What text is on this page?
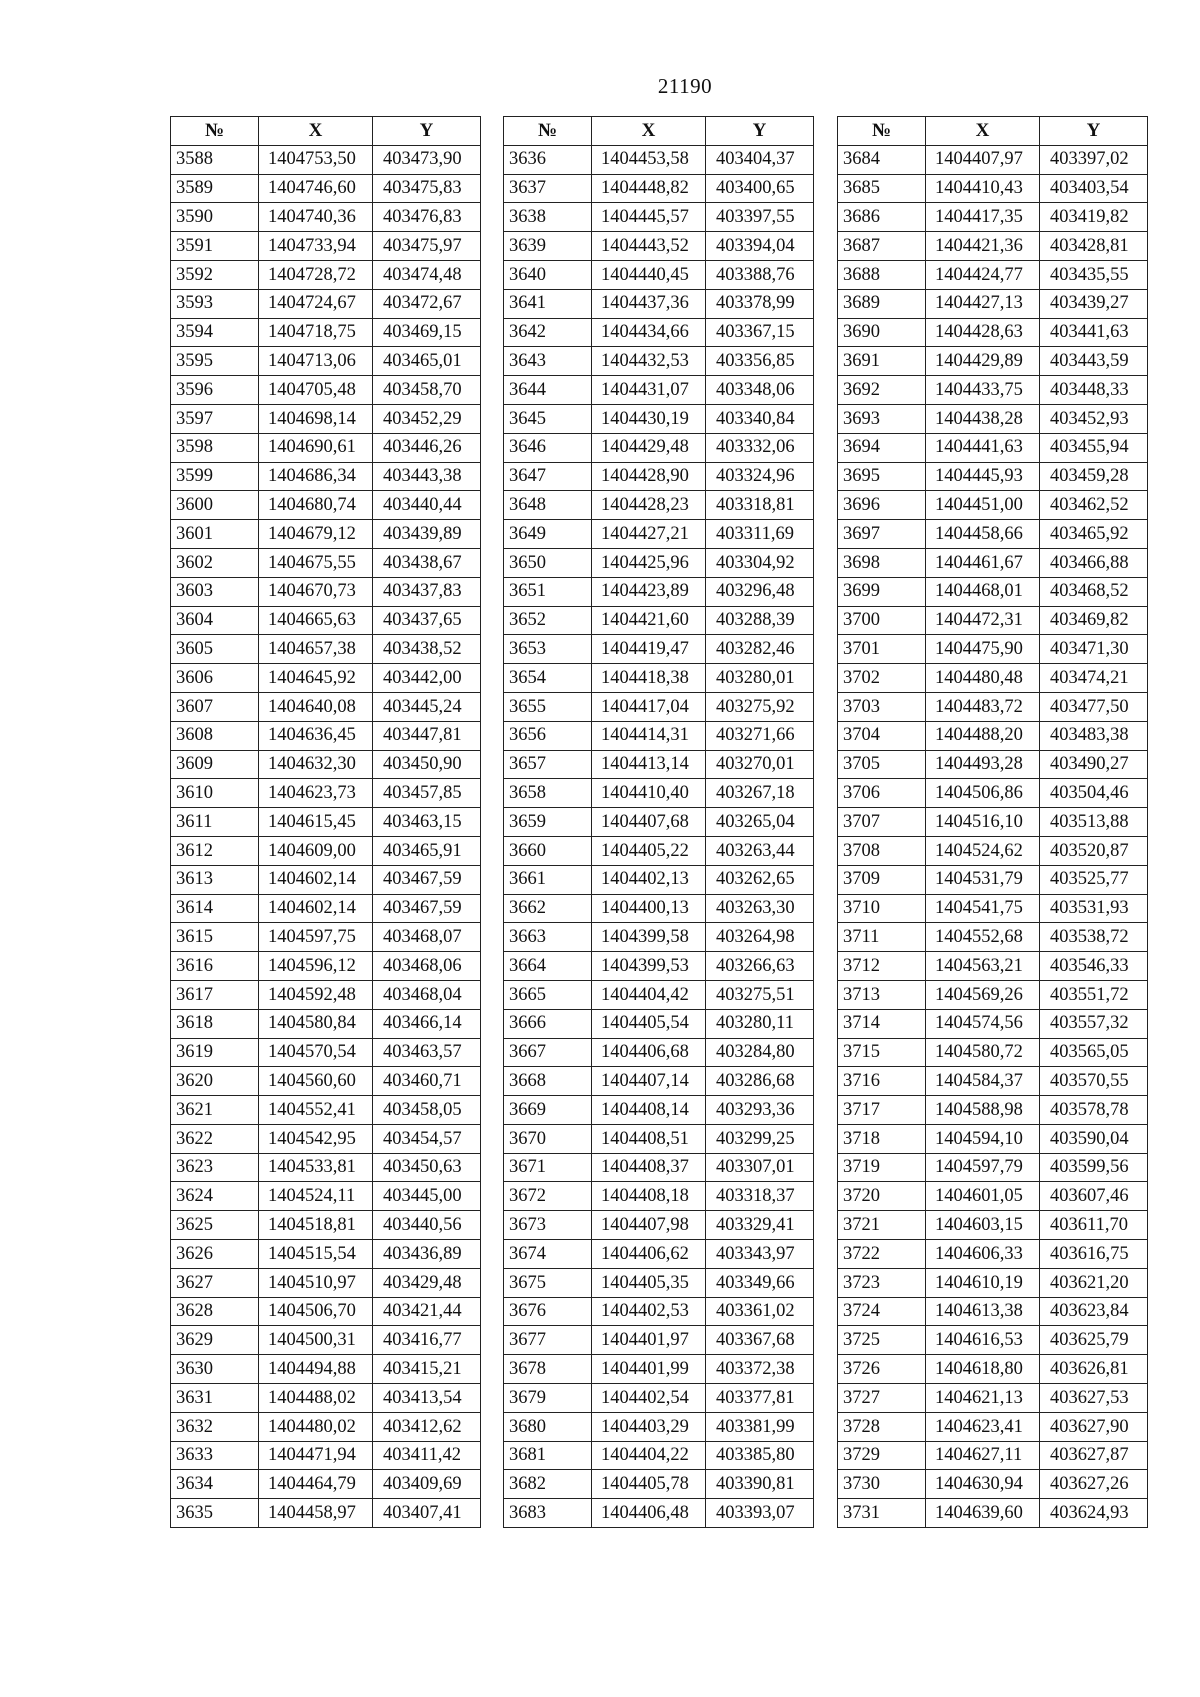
21190
№	X	Y
3588	1404753,50	403473,90
3589	1404746,60	403475,83
3590	1404740,36	403476,83
3591	1404733,94	403475,97
3592	1404728,72	403474,48
3593	1404724,67	403472,67
3594	1404718,75	403469,15
3595	1404713,06	403465,01
3596	1404705,48	403458,70
3597	1404698,14	403452,29
3598	1404690,61	403446,26
3599	1404686,34	403443,38
3600	1404680,74	403440,44
3601	1404679,12	403439,89
3602	1404675,55	403438,67
3603	1404670,73	403437,83
3604	1404665,63	403437,65
3605	1404657,38	403438,52
3606	1404645,92	403442,00
3607	1404640,08	403445,24
3608	1404636,45	403447,81
3609	1404632,30	403450,90
3610	1404623,73	403457,85
3611	1404615,45	403463,15
3612	1404609,00	403465,91
3613	1404602,14	403467,59
3614	1404602,14	403467,59
3615	1404597,75	403468,07
3616	1404596,12	403468,06
3617	1404592,48	403468,04
3618	1404580,84	403466,14
3619	1404570,54	403463,57
3620	1404560,60	403460,71
3621	1404552,41	403458,05
3622	1404542,95	403454,57
3623	1404533,81	403450,63
3624	1404524,11	403445,00
3625	1404518,81	403440,56
3626	1404515,54	403436,89
3627	1404510,97	403429,48
3628	1404506,70	403421,44
3629	1404500,31	403416,77
3630	1404494,88	403415,21
3631	1404488,02	403413,54
3632	1404480,02	403412,62
3633	1404471,94	403411,42
3634	1404464,79	403409,69
3635	1404458,97	403407,41
№	X	Y
3636	1404453,58	403404,37
3637	1404448,82	403400,65
3638	1404445,57	403397,55
3639	1404443,52	403394,04
3640	1404440,45	403388,76
3641	1404437,36	403378,99
3642	1404434,66	403367,15
3643	1404432,53	403356,85
3644	1404431,07	403348,06
3645	1404430,19	403340,84
3646	1404429,48	403332,06
3647	1404428,90	403324,96
3648	1404428,23	403318,81
3649	1404427,21	403311,69
3650	1404425,96	403304,92
3651	1404423,89	403296,48
3652	1404421,60	403288,39
3653	1404419,47	403282,46
3654	1404418,38	403280,01
3655	1404417,04	403275,92
3656	1404414,31	403271,66
3657	1404413,14	403270,01
3658	1404410,40	403267,18
3659	1404407,68	403265,04
3660	1404405,22	403263,44
3661	1404402,13	403262,65
3662	1404400,13	403263,30
3663	1404399,58	403264,98
3664	1404399,53	403266,63
3665	1404404,42	403275,51
3666	1404405,54	403280,11
3667	1404406,68	403284,80
3668	1404407,14	403286,68
3669	1404408,14	403293,36
3670	1404408,51	403299,25
3671	1404408,37	403307,01
3672	1404408,18	403318,37
3673	1404407,98	403329,41
3674	1404406,62	403343,97
3675	1404405,35	403349,66
3676	1404402,53	403361,02
3677	1404401,97	403367,68
3678	1404401,99	403372,38
3679	1404402,54	403377,81
3680	1404403,29	403381,99
3681	1404404,22	403385,80
3682	1404405,78	403390,81
3683	1404406,48	403393,07
№	X	Y
3684	1404407,97	403397,02
3685	1404410,43	403403,54
3686	1404417,35	403419,82
3687	1404421,36	403428,81
3688	1404424,77	403435,55
3689	1404427,13	403439,27
3690	1404428,63	403441,63
3691	1404429,89	403443,59
3692	1404433,75	403448,33
3693	1404438,28	403452,93
3694	1404441,63	403455,94
3695	1404445,93	403459,28
3696	1404451,00	403462,52
3697	1404458,66	403465,92
3698	1404461,67	403466,88
3699	1404468,01	403468,52
3700	1404472,31	403469,82
3701	1404475,90	403471,30
3702	1404480,48	403474,21
3703	1404483,72	403477,50
3704	1404488,20	403483,38
3705	1404493,28	403490,27
3706	1404506,86	403504,46
3707	1404516,10	403513,88
3708	1404524,62	403520,87
3709	1404531,79	403525,77
3710	1404541,75	403531,93
3711	1404552,68	403538,72
3712	1404563,21	403546,33
3713	1404569,26	403551,72
3714	1404574,56	403557,32
3715	1404580,72	403565,05
3716	1404584,37	403570,55
3717	1404588,98	403578,78
3718	1404594,10	403590,04
3719	1404597,79	403599,56
3720	1404601,05	403607,46
3721	1404603,15	403611,70
3722	1404606,33	403616,75
3723	1404610,19	403621,20
3724	1404613,38	403623,84
3725	1404616,53	403625,79
3726	1404618,80	403626,81
3727	1404621,13	403627,53
3728	1404623,41	403627,90
3729	1404627,11	403627,87
3730	1404630,94	403627,26
3731	1404639,60	403624,93
